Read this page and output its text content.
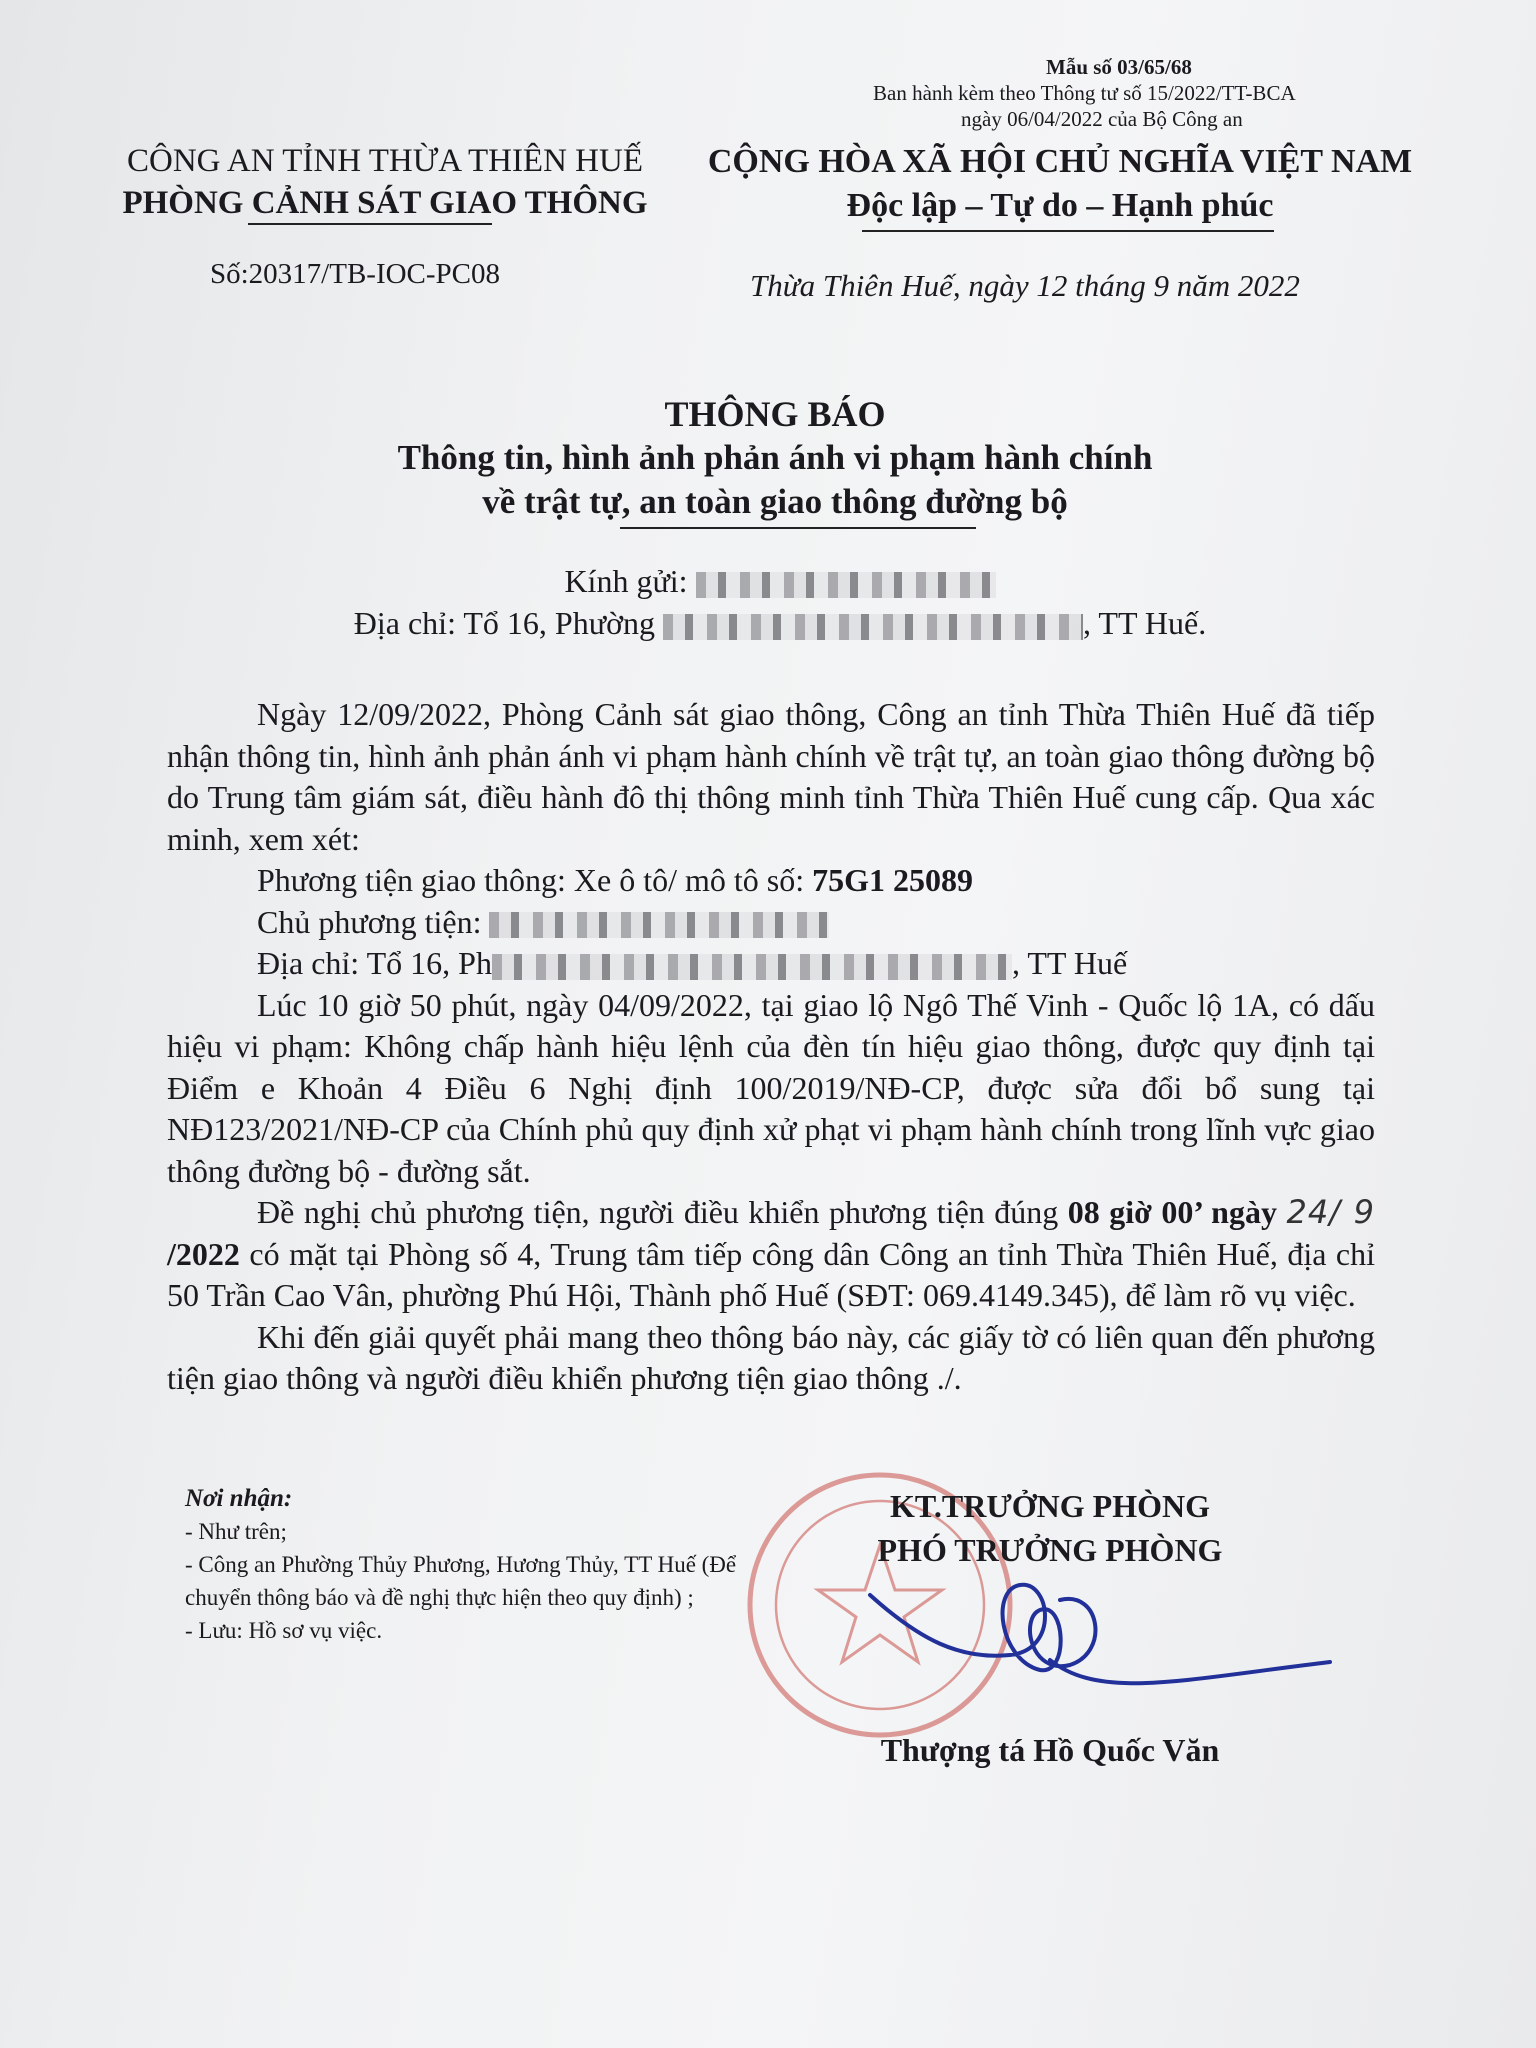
Mẫu số 03/65/68
Ban hành kèm theo Thông tư số 15/2022/TT-BCA
ngày 06/04/2022 của Bộ Công an
CÔNG AN TỈNH THỪA THIÊN HUẾ
PHÒNG CẢNH SÁT GIAO THÔNG
CỘNG HÒA XÃ HỘI CHỦ NGHĨA VIỆT NAM
Độc lập – Tự do – Hạnh phúc
Số:20317/TB-IOC-PC08	Thừa Thiên Huế, ngày 12 tháng 9 năm 2022
THÔNG BÁO
Thông tin, hình ảnh phản ánh vi phạm hành chính
về trật tự, an toàn giao thông đường bộ
Kính gửi:
Địa chỉ: Tổ 16, Phường	, TT Huế.

Ngày 12/09/2022, Phòng Cảnh sát giao thông, Công an tỉnh Thừa Thiên Huế đã tiếp nhận thông tin, hình ảnh phản ánh vi phạm hành chính về trật tự, an toàn giao thông đường bộ do Trung tâm giám sát, điều hành đô thị thông minh tỉnh Thừa Thiên Huế cung cấp. Qua xác minh, xem xét:

Phương tiện giao thông: Xe ô tô/ mô tô số: 75G1 25089

Chủ phương tiện:

Địa chỉ: Tổ 16, Ph	, TT Huế

Lúc 10 giờ 50 phút, ngày 04/09/2022, tại giao lộ Ngô Thế Vinh - Quốc lộ 1A, có dấu hiệu vi phạm: Không chấp hành hiệu lệnh của đèn tín hiệu giao thông, được quy định tại Điểm e Khoản 4 Điều 6 Nghị định 100/2019/NĐ-CP, được sửa đổi bổ sung tại NĐ123/2021/NĐ-CP của Chính phủ quy định xử phạt vi phạm hành chính trong lĩnh vực giao thông đường bộ - đường sắt.

Đề nghị chủ phương tiện, người điều khiển phương tiện đúng 08 giờ 00’ ngày 24/ 9 /2022 có mặt tại Phòng số 4, Trung tâm tiếp công dân Công an tỉnh Thừa Thiên Huế, địa chỉ 50 Trần Cao Vân, phường Phú Hội, Thành phố Huế (SĐT: 069.4149.345), để làm rõ vụ việc.

Khi đến giải quyết phải mang theo thông báo này, các giấy tờ có liên quan đến phương tiện giao thông và người điều khiển phương tiện giao thông ./.

Nơi nhận:
- Như trên;
- Công an Phường Thủy Phương, Hương Thủy, TT Huế (Để chuyển thông báo và đề nghị thực hiện theo quy định) ;
- Lưu: Hồ sơ vụ việc.
KT.TRƯỞNG PHÒNG
PHÓ TRƯỞNG PHÒNG
Thượng tá Hồ Quốc Văn
